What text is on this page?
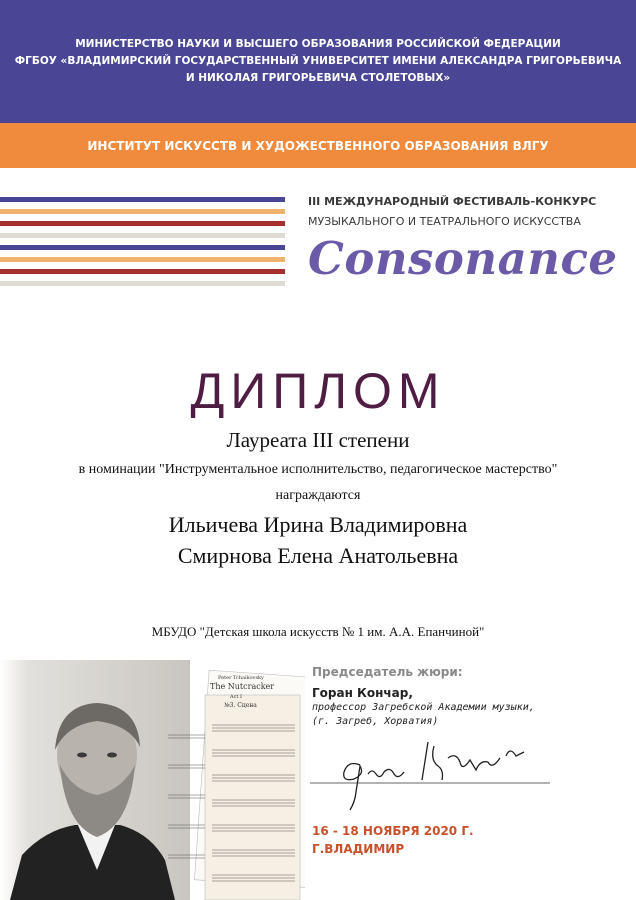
МИНИСТЕРСТВО НАУКИ И ВЫСШЕГО ОБРАЗОВАНИЯ РОССИЙСКОЙ ФЕДЕРАЦИИ
ФГБОУ «ВЛАДИМИРСКИЙ ГОСУДАРСТВЕННЫЙ УНИВЕРСИТЕТ ИМЕНИ АЛЕКСАНДРА ГРИГОРЬЕВИЧА
И НИКОЛАЯ ГРИГОРЬЕВИЧА СТОЛЕТОВЫХ»
ИНСТИТУТ ИСКУССТВ И ХУДОЖЕСТВЕННОГО ОБРАЗОВАНИЯ ВЛГУ
III МЕЖДУНАРОДНЫЙ ФЕСТИВАЛЬ-КОНКУРС
МУЗЫКАЛЬНОГО И ТЕАТРАЛЬНОГО ИСКУССТВА
Consonance
ДИПЛОМ
Лауреата III степени
в номинации "Инструментальное исполнительство, педагогическое мастерство"
награждаются
Ильичева Ирина Владимировна
Смирнова Елена Анатольевна
МБУДО "Детская школа искусств № 1 им. А.А. Епанчиной"
Peter Tchaikovsky
The Nutcracker
Act I
№3. Сцена
Председатель жюри:
Горан Кончар,
профессор Загребской Академии музыки,
(г. Загреб, Хорватия)
16 - 18 НОЯБРЯ 2020 Г.
Г.ВЛАДИМИР
